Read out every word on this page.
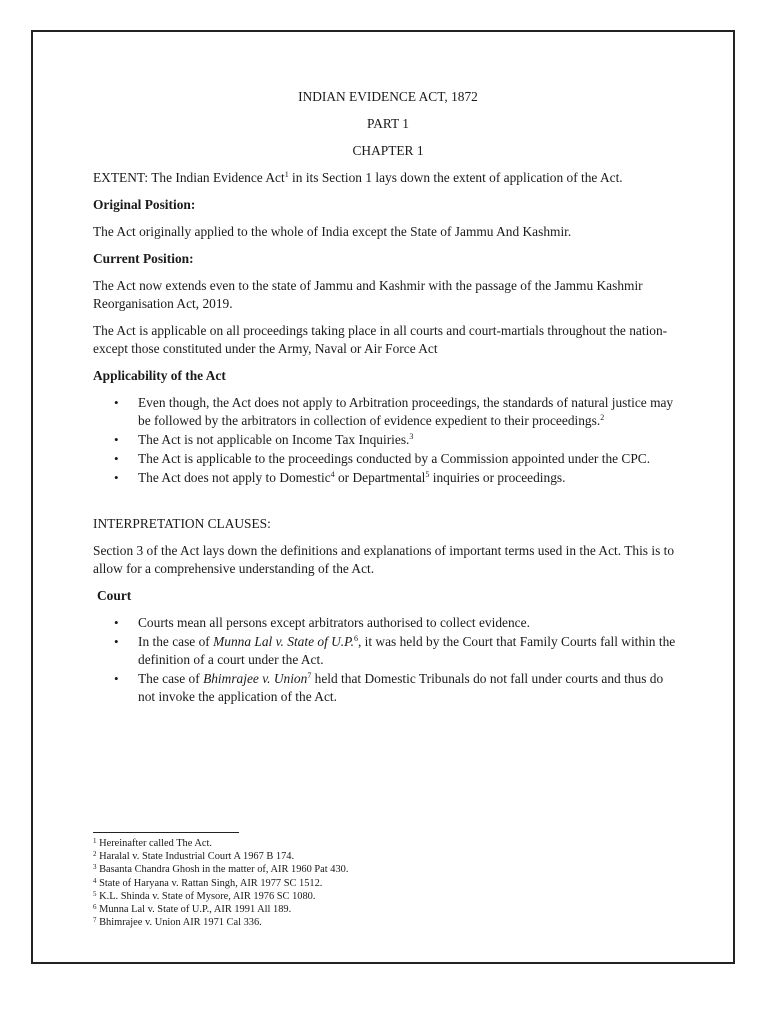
INDIAN EVIDENCE ACT, 1872

PART 1

CHAPTER 1

EXTENT: The Indian Evidence Act$^1$ in its Section 1 lays down the extent of application of the Act.

Original Position:

The Act originally applied to the whole of India except the State of Jammu And Kashmir.

Current Position:

The Act now extends even to the state of Jammu and Kashmir with the passage of the Jammu Kashmir Reorganisation Act, 2019.

The Act is applicable on all proceedings taking place in all courts and court-martials throughout the nation- except those constituted under the Army, Naval or Air Force Act

Applicability of the Act

• Even though, the Act does not apply to Arbitration proceedings, the standards of natural justice may be followed by the arbitrators in collection of evidence expedient to their proceedings.$^2$
• The Act is not applicable on Income Tax Inquiries.$^3$
• The Act is applicable to the proceedings conducted by a Commission appointed under the CPC.
• The Act does not apply to Domestic$^4$ or Departmental$^5$ inquiries or proceedings.

INTERPRETATION CLAUSES:

Section 3 of the Act lays down the definitions and explanations of important terms used in the Act. This is to allow for a comprehensive understanding of the Act.

Court

• Courts mean all persons except arbitrators authorised to collect evidence.
• In the case of Munna Lal v. State of U.P.$^6$, it was held by the Court that Family Courts fall within the definition of a court under the Act.
• The case of Bhimrajee v. Union$^7$ held that Domestic Tribunals do not fall under courts and thus do not invoke the application of the Act.
$^1$ Hereinafter called The Act.
$^2$ Haralal v. State Industrial Court A 1967 B 174.
$^3$ Basanta Chandra Ghosh in the matter of, AIR 1960 Pat 430.
$^4$ State of Haryana v. Rattan Singh, AIR 1977 SC 1512.
$^5$ K.L. Shinda v. State of Mysore, AIR 1976 SC 1080.
$^6$ Munna Lal v. State of U.P., AIR 1991 All 189.
$^7$ Bhimrajee v. Union AIR 1971 Cal 336.
